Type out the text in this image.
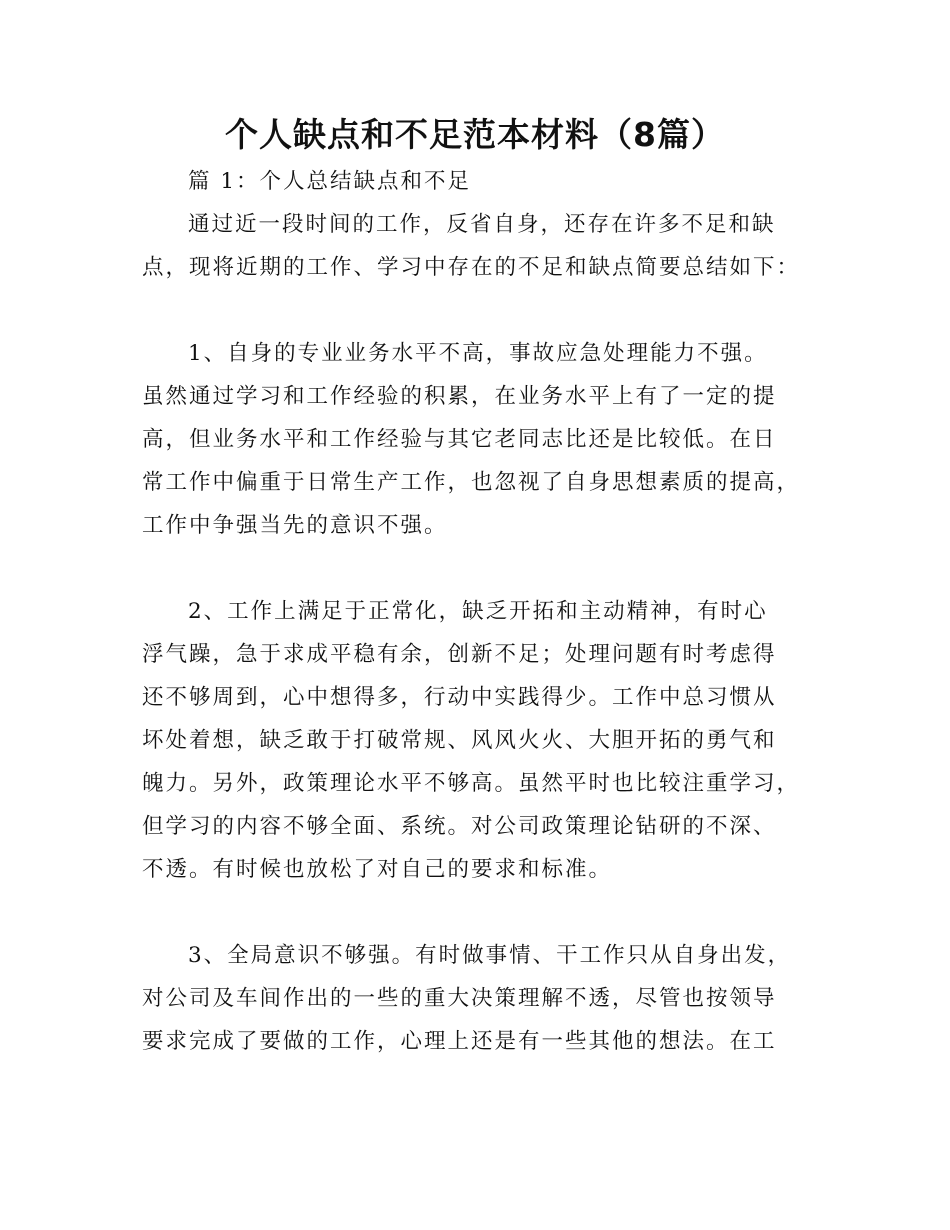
个人缺点和不足范本材料（8篇）
篇 1：个人总结缺点和不足
通过近一段时间的工作，反省自身，还存在许多不足和缺
点，现将近期的工作、学习中存在的不足和缺点简要总结如下：
1、自身的专业业务水平不高，事故应急处理能力不强。
虽然通过学习和工作经验的积累，在业务水平上有了一定的提
高，但业务水平和工作经验与其它老同志比还是比较低。在日
常工作中偏重于日常生产工作，也忽视了自身思想素质的提高，
工作中争强当先的意识不强。
2、工作上满足于正常化，缺乏开拓和主动精神，有时心
浮气躁，急于求成平稳有余，创新不足；处理问题有时考虑得
还不够周到，心中想得多，行动中实践得少。工作中总习惯从
坏处着想，缺乏敢于打破常规、风风火火、大胆开拓的勇气和
魄力。另外，政策理论水平不够高。虽然平时也比较注重学习，
但学习的内容不够全面、系统。对公司政策理论钻研的不深、
不透。有时候也放松了对自己的要求和标准。
3、全局意识不够强。有时做事情、干工作只从自身出发，
对公司及车间作出的一些的重大决策理解不透，尽管也按领导
要求完成了要做的工作，心理上还是有一些其他的想法。在工
